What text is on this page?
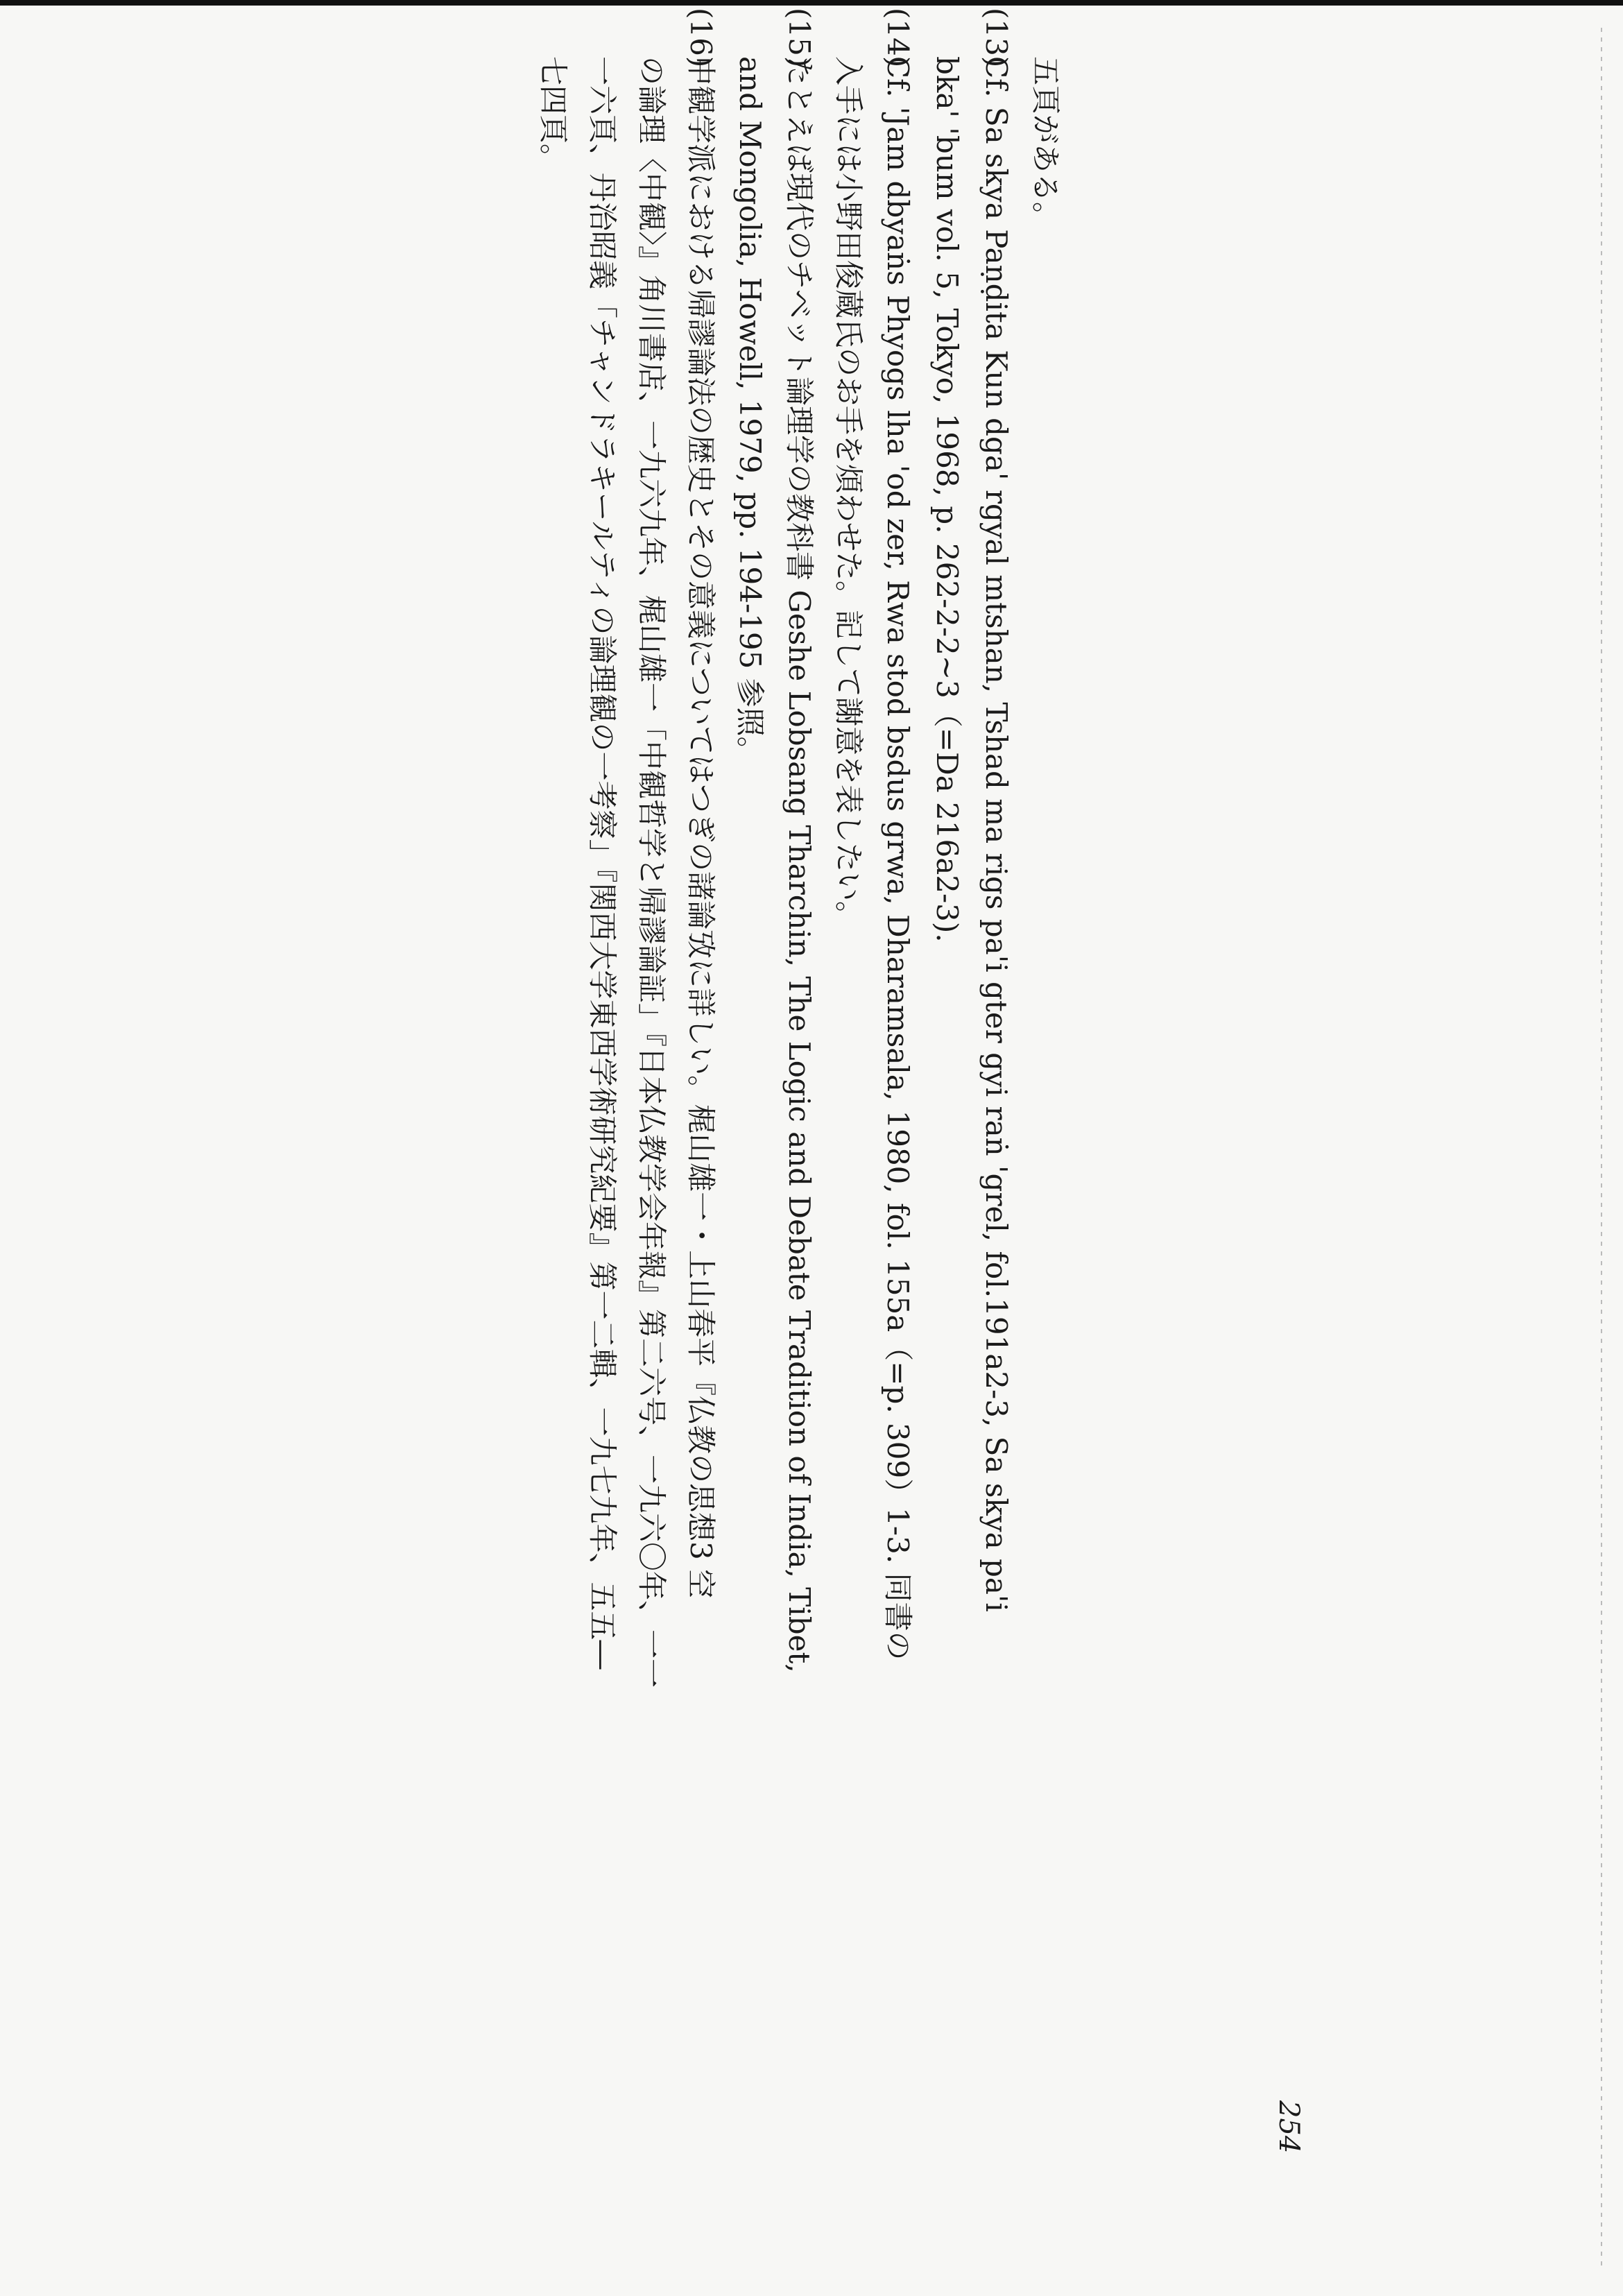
五頁がある。
(13)Cf. Sa skya Paṇḍita Kun dga' rgyal mtshan, Tshad ma rigs pa'i gter gyi raṅ 'grel, fol.191a2-3, Sa skya pa'i
bka' 'bum vol. 5, Tokyo, 1968, p. 262-2-2~3（=Da 216a2-3).
(14)Cf. 'Jam dbyaṅs Phyogs lha 'od zer, Rwa stod bsdus grwa, Dharamsala, 1980, fol. 155a（=p. 309）1-3. 同書の
入手には小野田俊蔵氏のお手を煩わせた。記して謝意を表したい。
(15)たとえば現代のチベット論理学の教科書 Geshe Lobsang Tharchin, The Logic and Debate Tradition of India, Tibet,
and Mongolia, Howell, 1979, pp. 194-195 参照。
(16)中観学派における帰謬論法の歴史とその意義についてはつぎの諸論攷に詳しい。梶山雄一・上山春平『仏教の思想3 空
の論理〈中観〉』角川書店、一九六九年、梶山雄一「中観哲学と帰謬論証」『日本仏教学会年報』第二六号、一九六〇年、一一
一六頁、丹治昭義「チャンドラキールティの論理観の一考察」『関西大学東西学術研究紀要』第一二輯、一九七九年、五五―
七四頁。
254
